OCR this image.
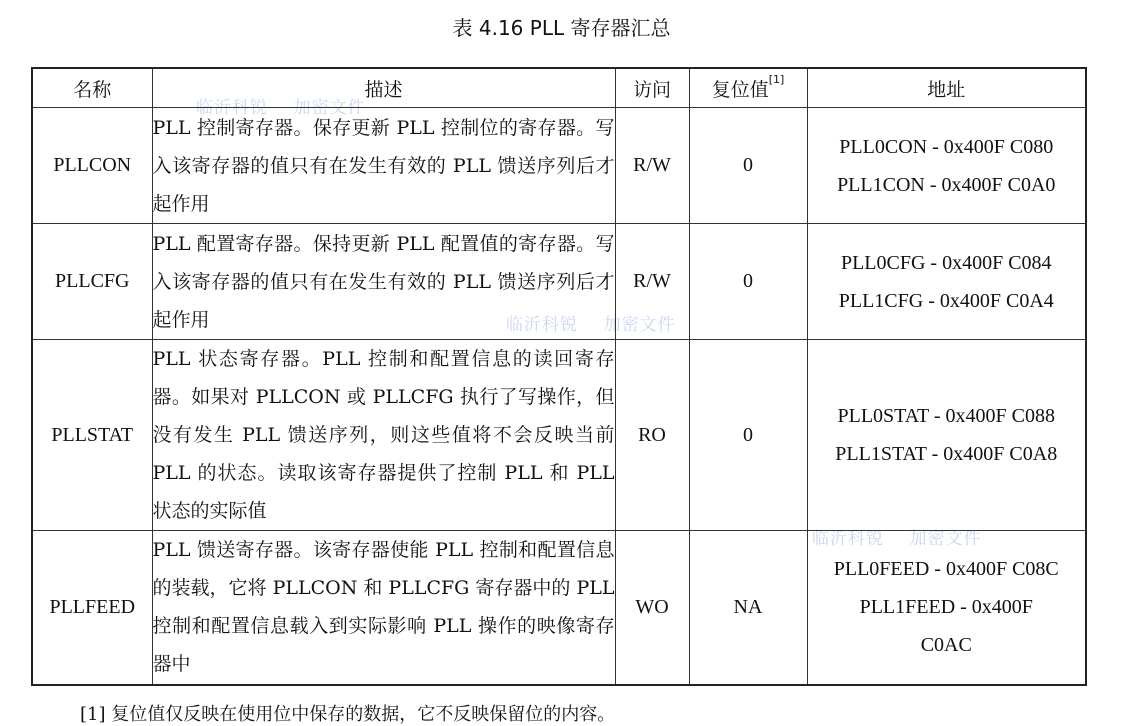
表 4.16 PLL 寄存器汇总
临沂科锐    加密文件
临沂科锐    加密文件
临沂科锐    加密文件
名称	描述	访问	复位值[1]	地址
PLLCON	PLL 控制寄存器。保存更新 PLL 控制位的寄存器。写入该寄存器的值只有在发生有效的 PLL 馈送序列后才起作用	R/W	0	PLL0CON - 0x400F C080
PLL1CON - 0x400F C0A0

PLLCFG	PLL 配置寄存器。保持更新 PLL 配置值的寄存器。写入该寄存器的值只有在发生有效的 PLL 馈送序列后才起作用	R/W	0	PLL0CFG - 0x400F C084
PLL1CFG - 0x400F C0A4

PLLSTAT	PLL 状态寄存器。PLL 控制和配置信息的读回寄存器。如果对 PLLCON 或 PLLCFG 执行了写操作，但没有发生 PLL 馈送序列，则这些值将不会反映当前 PLL 的状态。读取该寄存器提供了控制 PLL 和 PLL 状态的实际值	RO	0	PLL0STAT - 0x400F C088
PLL1STAT - 0x400F C0A8

PLLFEED	PLL 馈送寄存器。该寄存器使能 PLL 控制和配置信息的装载，它将 PLLCON 和 PLLCFG 寄存器中的 PLL 控制和配置信息载入到实际影响 PLL 操作的映像寄存器中	WO	NA	PLL0FEED - 0x400F C08C
PLL1FEED - 0x400F
C0AC
[1] 复位值仅反映在使用位中保存的数据，它不反映保留位的内容。
